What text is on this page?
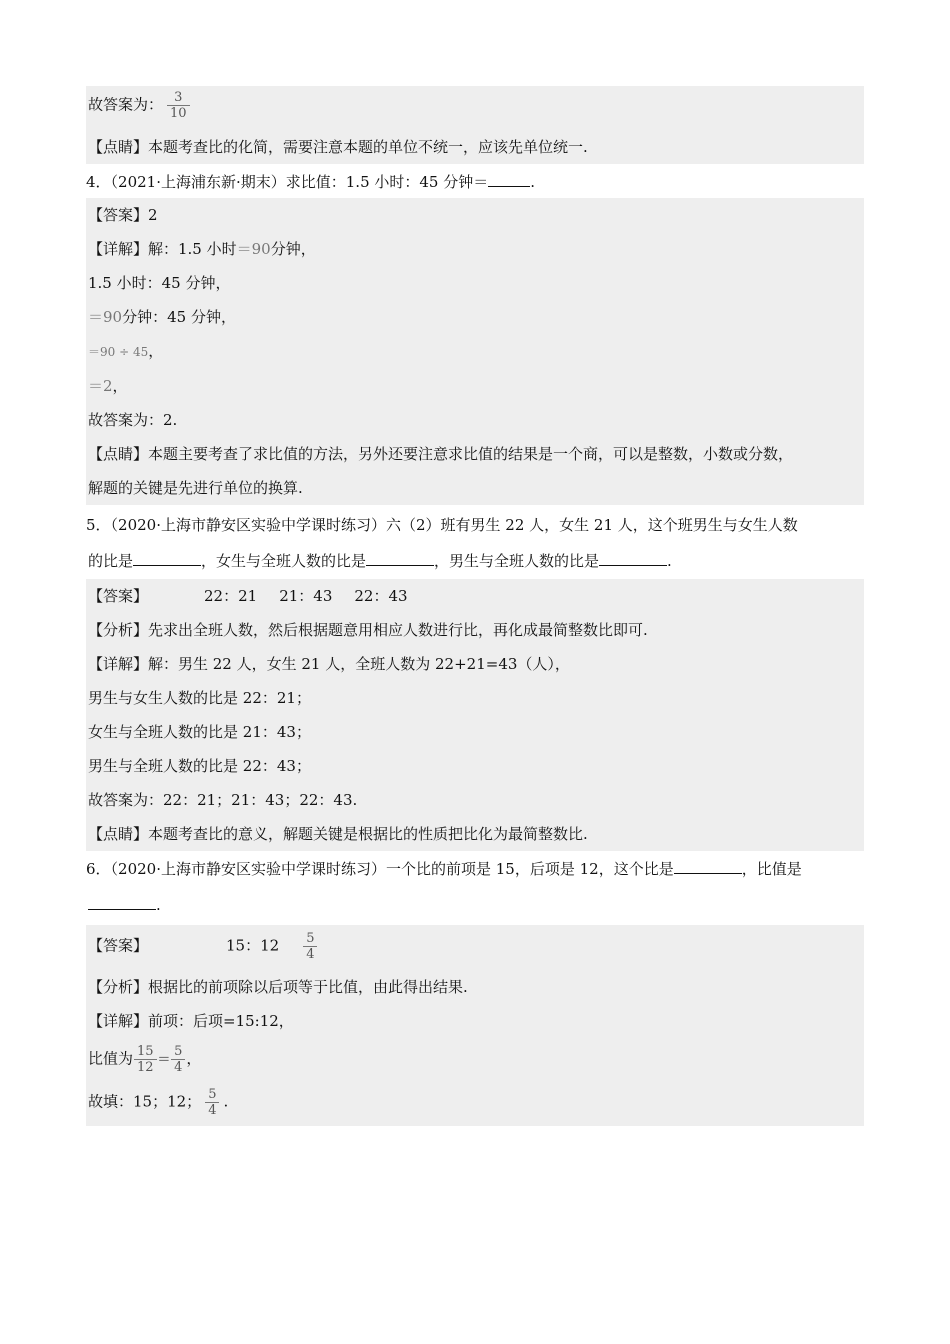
故答案为： $\frac{3}{10}$
【点睛】本题考查比的化简，需要注意本题的单位不统一，应该先单位统一.
4．（2021·上海浦东新·期末）求比值：1.5 小时：45 分钟＝	.
【答案】2
【详解】解：1.5 小时＝90分钟，
1.5 小时：45 分钟，
＝90分钟：45 分钟，
＝90 ÷ 45，
＝2，
故答案为：2.
【点睛】本题主要考查了求比值的方法，另外还要注意求比值的结果是一个商，可以是整数，小数或分数，
解题的关键是先进行单位的换算.
5．（2020·上海市静安区实验中学课时练习）六（2）班有男生 22 人，女生 21 人，这个班男生与女生人数
的比是	，女生与全班人数的比是	，男生与全班人数的比是	.
【答案】	22：21 21：43 22：43
【分析】先求出全班人数，然后根据题意用相应人数进行比，再化成最简整数比即可.
【详解】解：男生 22 人，女生 21 人，全班人数为 22+21=43（人），
男生与女生人数的比是 22：21；
女生与全班人数的比是 21：43；
男生与全班人数的比是 22：43；
故答案为：22：21；21：43；22：43.
【点睛】本题考查比的意义，解题关键是根据比的性质把比化为最简整数比.
6．（2020·上海市静安区实验中学课时练习）一个比的前项是 15，后项是 12，这个比是	，比值是
.
【答案】	15：$12 \frac{5}{4}$
【分析】根据比的前项除以后项等于比值，由此得出结果.
【详解】前项：后项=15:12，
比值为 $\frac{15}{12} = \frac{5}{4}$ ，
故填：15；12； $\frac{5}{4}$ .
